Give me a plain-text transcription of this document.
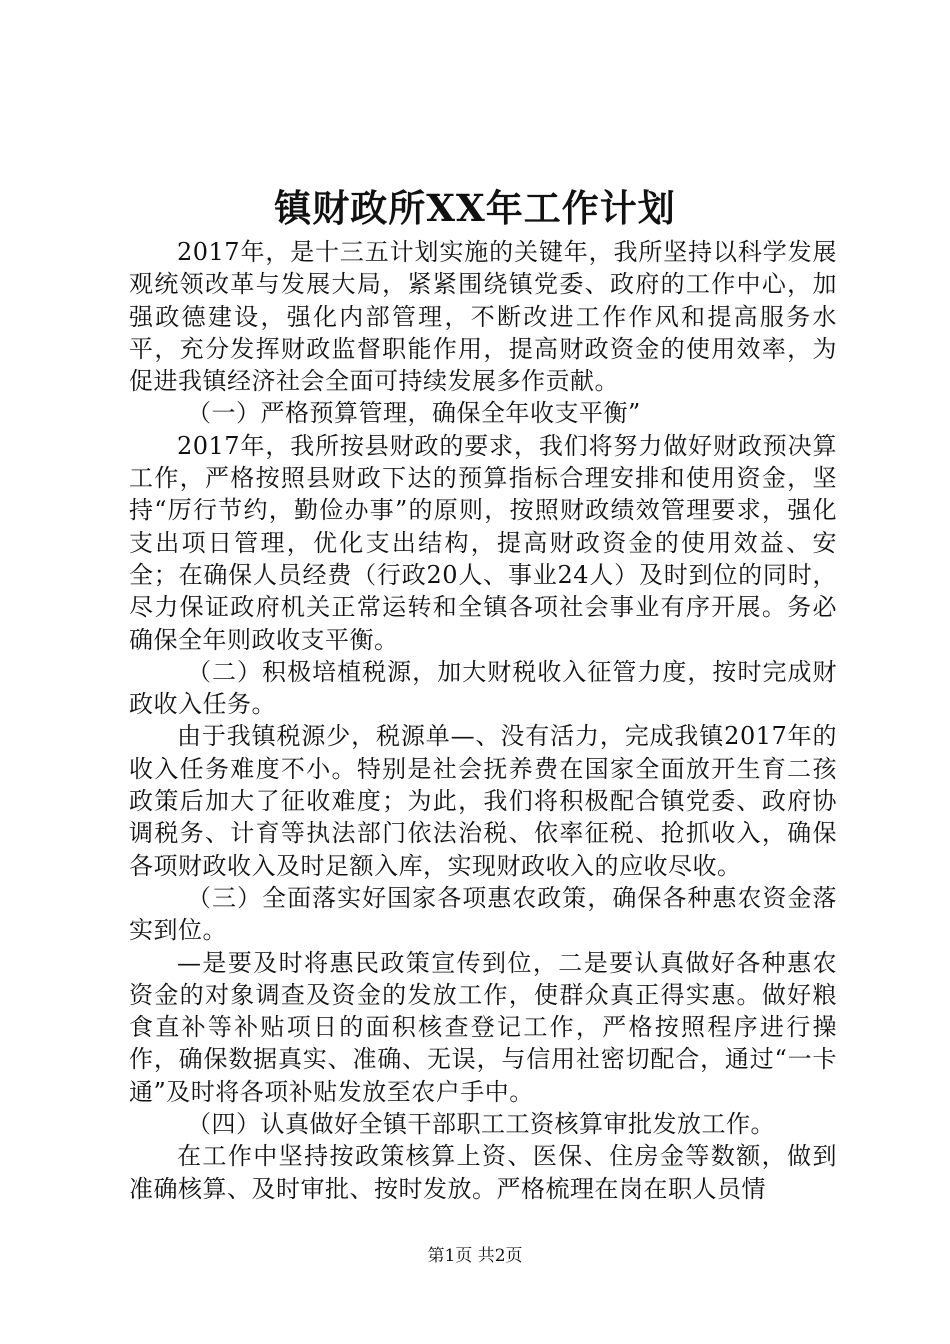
镇财政所XX年工作计划

2017年，是十三五计划实施的关键年，我所坚持以科学发展观统领改革与发展大局，紧紧围绕镇党委、政府的工作中心，加强政德建设，强化内部管理，不断改进工作作风和提高服务水平，充分发挥财政监督职能作用，提高财政资金的使用效率，为促进我镇经济社会全面可持续发展多作贡献。

（一）严格预算管理，确保全年收支平衡”

2017年，我所按县财政的要求，我们将努力做好财政预决算工作，严格按照县财政下达的预算指标合理安排和使用资金，坚持“厉行节约，勤俭办事”的原则，按照财政绩效管理要求，强化支出项日管理，优化支出结构，提高财政资金的使用效益、安全；在确保人员经费（行政20人、事业24人）及时到位的同时，尽力保证政府机关正常运转和全镇各项社会事业有序开展。务必确保全年则政收支平衡。

（二）积极培植税源，加大财税收入征管力度，按时完成财政收入任务。

由于我镇税源少，税源单—、没有活力，完成我镇2017年的收入任务难度不小。特别是社会抚养费在国家全面放开生育二孩政策后加大了征收难度；为此，我们将积极配合镇党委、政府协调税务、计育等执法部门依法治税、依率征税、抢抓收入，确保各项财政收入及时足额入库，实现财政收入的应收尽收。

（三）全面落实好国家各项惠农政策，确保各种惠农资金落实到位。

—是要及时将惠民政策宣传到位，二是要认真做好各种惠农资金的对象调查及资金的发放工作，使群众真正得实惠。做好粮食直补等补贴项日的面积核查登记工作，严格按照程序进行操作，确保数据真实、准确、无误，与信用社密切配合，通过“一卡通”及时将各项补贴发放至农户手中。

（四）认真做好全镇干部职工工资核算审批发放工作。

在工作中坚持按政策核算上资、医保、住房金等数额，做到准确核算、及时审批、按时发放。严格梳理在岗在职人员情

第1页 共2页
